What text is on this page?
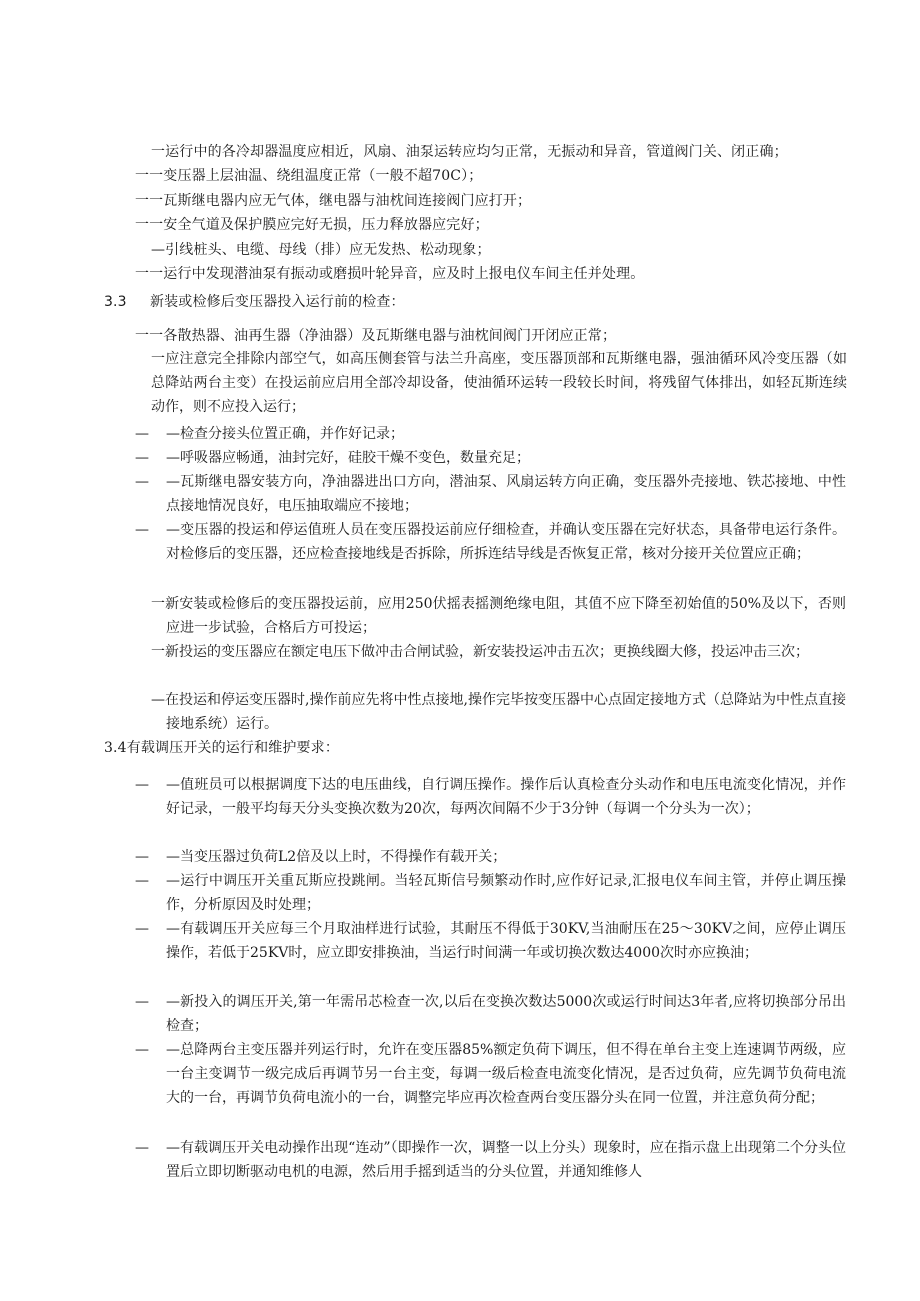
一运行中的各冷却器温度应相近，风扇、油泵运转应均匀正常，无振动和异音，管道阀门关、闭正确；
一一变压器上层油温、绕组温度正常（一般不超70C）；
一一瓦斯继电器内应无气体，继电器与油枕间连接阀门应打开；
一一安全气道及保护膜应完好无损，压力释放器应完好；
—引线桩头、电缆、母线（排）应无发热、松动现象；
一一运行中发现潜油泵有振动或磨损叶轮异音，应及时上报电仪车间主任并处理。
3.3 新装或检修后变压器投入运行前的检查：
一一各散热器、油再生器（净油器）及瓦斯继电器与油枕间阀门开闭应正常；
一应注意完全排除内部空气，如高压侧套管与法兰升高座，变压器顶部和瓦斯继电器，强油循环风冷变压器（如总降站两台主变）在投运前应启用全部冷却设备，使油循环运转一段较长时间，将残留气体排出，如轻瓦斯连续动作，则不应投入运行；
— —检查分接头位置正确，并作好记录；
— —呼吸器应畅通，油封完好，硅胶干燥不变色，数量充足；
— —瓦斯继电器安装方向，净油器进出口方向，潜油泵、风扇运转方向正确，变压器外壳接地、铁芯接地、中性点接地情况良好，电压抽取端应不接地；
— —变压器的投运和停运值班人员在变压器投运前应仔细检查，并确认变压器在完好状态，具备带电运行条件。对检修后的变压器，还应检查接地线是否拆除，所拆连结导线是否恢复正常，核对分接开关位置应正确；
一新安装或检修后的变压器投运前，应用250伏摇表摇测绝缘电阻，其值不应下降至初始值的50%及以下，否则应进一步试验，合格后方可投运；
一新投运的变压器应在额定电压下做冲击合闸试验，新安装投运冲击五次；更换线圈大修，投运冲击三次；
—在投运和停运变压器时,操作前应先将中性点接地,操作完毕按变压器中心点固定接地方式（总降站为中性点直接接地系统）运行。
3.4有载调压开关的运行和维护要求：
— —值班员可以根据调度下达的电压曲线，自行调压操作。操作后认真检查分头动作和电压电流变化情况，并作好记录，一般平均每天分头变换次数为20次，每两次间隔不少于3分钟（每调一个分头为一次）；
— —当变压器过负荷L2倍及以上时，不得操作有载开关；
— —运行中调压开关重瓦斯应投跳闸。当轻瓦斯信号频繁动作时,应作好记录,汇报电仪车间主管，并停止调压操作，分析原因及时处理；
— —有载调压开关应每三个月取油样进行试验，其耐压不得低于30KV,当油耐压在25～30KV之间，应停止调压操作，若低于25KV时，应立即安排换油，当运行时间满一年或切换次数达4000次时亦应换油；
— —新投入的调压开关,第一年需吊芯检查一次,以后在变换次数达5000次或运行时间达3年者,应将切换部分吊出检查；
— —总降两台主变压器并列运行时，允许在变压器85%额定负荷下调压，但不得在单台主变上连速调节两级，应一台主变调节一级完成后再调节另一台主变，每调一级后检查电流变化情况，是否过负荷，应先调节负荷电流大的一台，再调节负荷电流小的一台，调整完毕应再次检查两台变压器分头在同一位置，并注意负荷分配；
— —有载调压开关电动操作出现“连动”（即操作一次，调整一以上分头）现象时，应在指示盘上出现第二个分头位置后立即切断驱动电机的电源，然后用手摇到适当的分头位置，并通知维修人
